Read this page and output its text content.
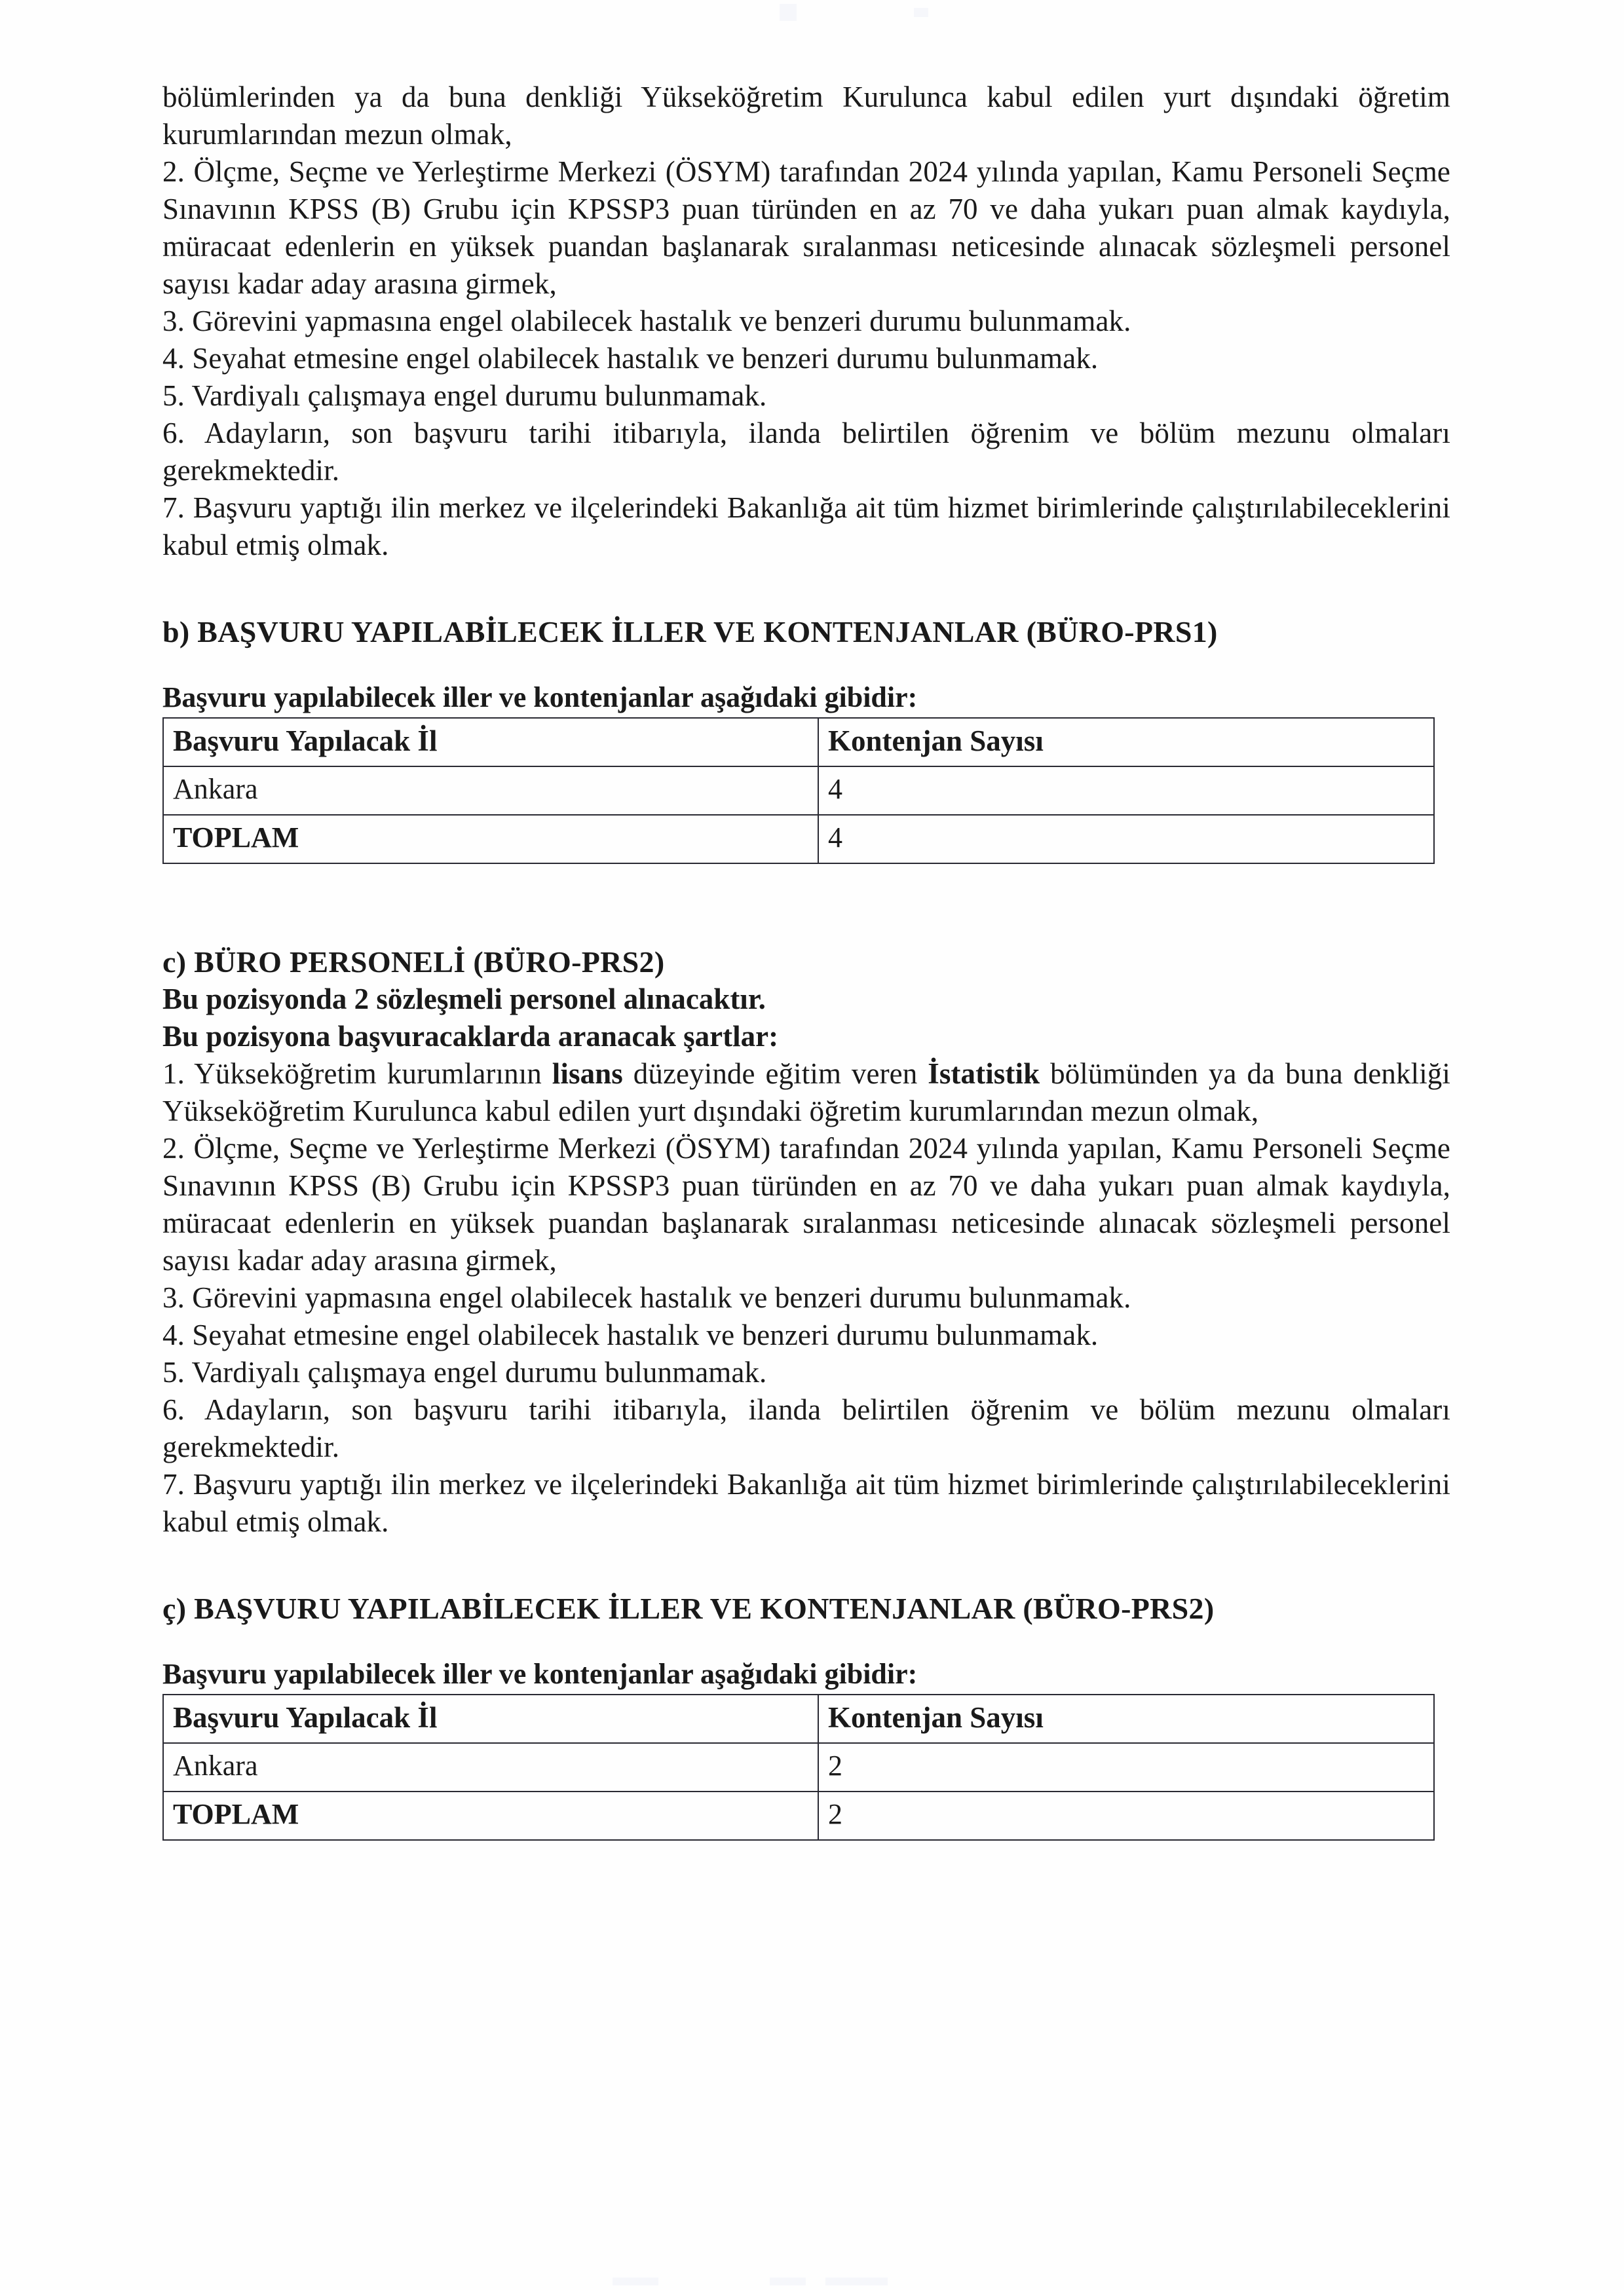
bölümlerinden ya da buna denkliği Yükseköğretim Kurulunca kabul edilen yurt dışındaki öğretim kurumlarından mezun olmak,

2. Ölçme, Seçme ve Yerleştirme Merkezi (ÖSYM) tarafından 2024 yılında yapılan, Kamu Personeli Seçme Sınavının KPSS (B) Grubu için KPSSP3 puan türünden en az 70 ve daha yukarı puan almak kaydıyla, müracaat edenlerin en yüksek puandan başlanarak sıralanması neticesinde alınacak sözleşmeli personel sayısı kadar aday arasına girmek,

3. Görevini yapmasına engel olabilecek hastalık ve benzeri durumu bulunmamak.

4. Seyahat etmesine engel olabilecek hastalık ve benzeri durumu bulunmamak.

5. Vardiyalı çalışmaya engel durumu bulunmamak.

6. Adayların, son başvuru tarihi itibarıyla, ilanda belirtilen öğrenim ve bölüm mezunu olmaları gerekmektedir.

7. Başvuru yaptığı ilin merkez ve ilçelerindeki Bakanlığa ait tüm hizmet birimlerinde çalıştırılabileceklerini kabul etmiş olmak.

b) BAŞVURU YAPILABİLECEK İLLER VE KONTENJANLAR (BÜRO-PRS1)

Başvuru yapılabilecek iller ve kontenjanlar aşağıdaki gibidir:

Başvuru Yapılacak İl	Kontenjan Sayısı
Ankara	4
TOPLAM	4
c) BÜRO PERSONELİ (BÜRO-PRS2)

Bu pozisyonda 2 sözleşmeli personel alınacaktır.

Bu pozisyona başvuracaklarda aranacak şartlar:

1. Yükseköğretim kurumlarının lisans düzeyinde eğitim veren İstatistik bölümünden ya da buna denkliği Yükseköğretim Kurulunca kabul edilen yurt dışındaki öğretim kurumlarından mezun olmak,

2. Ölçme, Seçme ve Yerleştirme Merkezi (ÖSYM) tarafından 2024 yılında yapılan, Kamu Personeli Seçme Sınavının KPSS (B) Grubu için KPSSP3 puan türünden en az 70 ve daha yukarı puan almak kaydıyla, müracaat edenlerin en yüksek puandan başlanarak sıralanması neticesinde alınacak sözleşmeli personel sayısı kadar aday arasına girmek,

3. Görevini yapmasına engel olabilecek hastalık ve benzeri durumu bulunmamak.

4. Seyahat etmesine engel olabilecek hastalık ve benzeri durumu bulunmamak.

5. Vardiyalı çalışmaya engel durumu bulunmamak.

6. Adayların, son başvuru tarihi itibarıyla, ilanda belirtilen öğrenim ve bölüm mezunu olmaları gerekmektedir.

7. Başvuru yaptığı ilin merkez ve ilçelerindeki Bakanlığa ait tüm hizmet birimlerinde çalıştırılabileceklerini kabul etmiş olmak.

ç) BAŞVURU YAPILABİLECEK İLLER VE KONTENJANLAR (BÜRO-PRS2)

Başvuru yapılabilecek iller ve kontenjanlar aşağıdaki gibidir:

Başvuru Yapılacak İl	Kontenjan Sayısı
Ankara	2
TOPLAM	2
